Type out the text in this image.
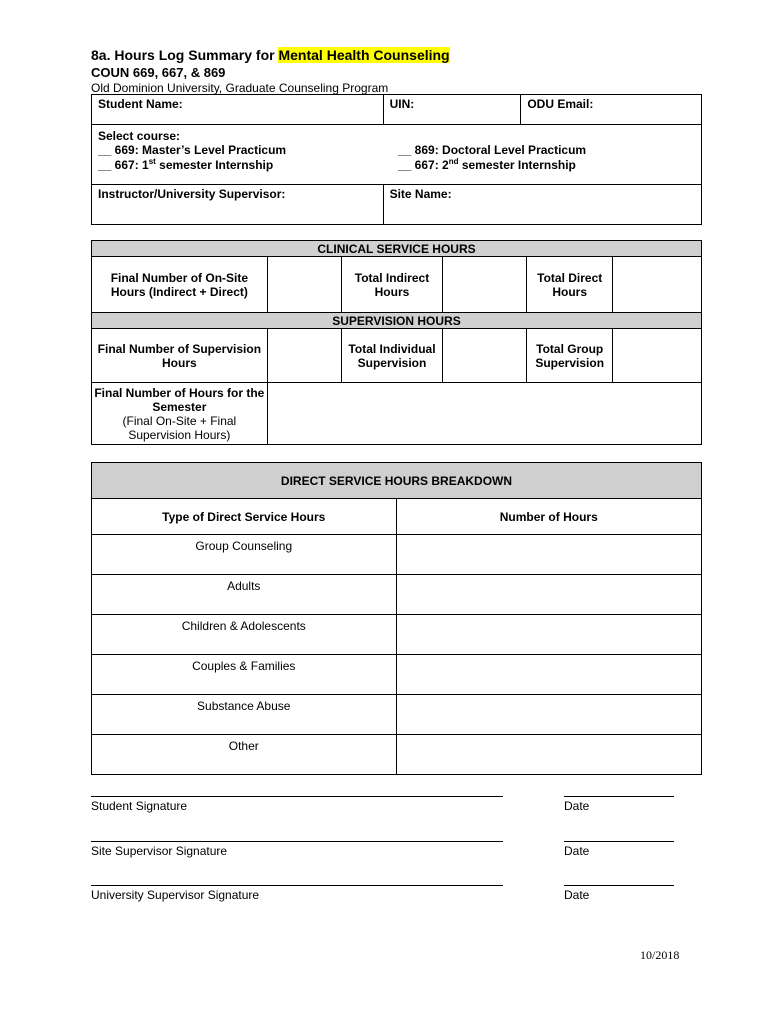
8a. Hours Log Summary for Mental Health Counseling
COUN 669, 667, & 869
Old Dominion University, Graduate Counseling Program
Student Name:	UIN:	ODU Email:

Select course:
__ 669: Master’s Level Practicum
__ 667: 1st semester Internship
__ 869: Doctoral Level Practicum
__ 667: 2nd semester Internship		

Instructor/University Supervisor:	Site Name:	
CLINICAL SERVICE HOURS					
Final Number of On-Site Hours (Indirect + Direct)		Total Indirect Hours		Total Direct Hours	
SUPERVISION HOURS					
Final Number of Supervision Hours		Total Individual Supervision		Total Group Supervision	

Final Number of Hours for the Semester
(Final On-Site + Final Supervision Hours)					

DIRECT SERVICE HOURS BREAKDOWN	
Type of Direct Service Hours	Number of Hours
Group Counseling	
Adults	
Children & Adolescents	
Couples & Families	
Substance Abuse	
Other	
Student Signature	Date
Site Supervisor Signature	Date
University Supervisor Signature	Date
10/2018
